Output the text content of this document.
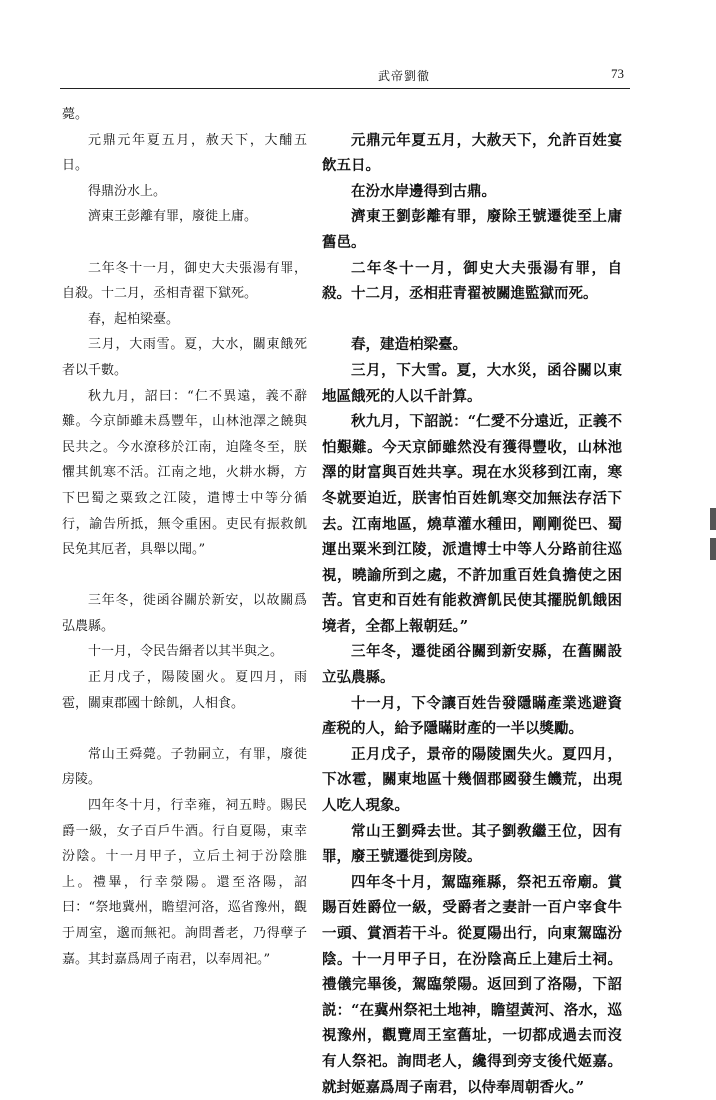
武帝劉徹	73

薨。

元鼎元年夏五月，赦天下，大酺五日。

得鼎汾水上。

濟東王彭離有罪，廢徙上庸。

二年冬十一月，御史大夫張湯有罪，自殺。十二月，丞相青翟下獄死。

春，起柏梁臺。

三月，大雨雪。夏，大水，關東餓死者以千數。

秋九月，詔曰：“仁不異遠，義不辭難。今京師雖未爲豐年，山林池澤之饒與民共之。今水潦移於江南，迫隆冬至，朕懼其飢寒不活。江南之地，火耕水耨，方下巴蜀之粟致之江陵，遣博士中等分循行，諭告所抵，無令重困。吏民有振救飢民免其厄者，具舉以聞。”

三年冬，徙函谷關於新安，以故關爲弘農縣。

十一月，令民告緡者以其半與之。

正月戊子，陽陵園火。夏四月，雨雹，關東郡國十餘飢，人相食。

常山王舜薨。子勃嗣立，有罪，廢徙房陵。

四年冬十月，行幸雍，祠五畤。賜民爵一級，女子百戶牛酒。行自夏陽，東幸汾陰。十一月甲子，立后土祠于汾陰脽上。禮畢，行幸滎陽。還至洛陽，詔曰：“祭地冀州，瞻望河洛，巡省豫州，觀于周室，邈而無祀。詢問耆老，乃得孽子嘉。其封嘉爲周子南君，以奉周祀。”

元鼎元年夏五月，大赦天下，允許百姓宴飲五日。

在汾水岸邊得到古鼎。

濟東王劉彭離有罪，廢除王號遷徙至上庸舊邑。

二年冬十一月，御史大夫張湯有罪，自殺。十二月，丞相莊青翟被關進監獄而死。

春，建造柏梁臺。

三月，下大雪。夏，大水災，函谷關以東地區餓死的人以千計算。

秋九月，下詔説：“仁愛不分遠近，正義不怕艱難。今天京師雖然没有獲得豐收，山林池澤的財富與百姓共享。現在水災移到江南，寒冬就要迫近，朕害怕百姓飢寒交加無法存活下去。江南地區，燒草灌水種田，剛剛從巴、蜀運出粟米到江陵，派遣博士中等人分路前往巡視，曉諭所到之處，不許加重百姓負擔使之困苦。官吏和百姓有能救濟飢民使其擺脱飢餓困境者，全都上報朝廷。”

三年冬，遷徙函谷關到新安縣，在舊關設立弘農縣。

十一月，下令讓百姓告發隱瞞產業逃避資產税的人，給予隱瞞財產的一半以獎勵。

正月戊子，景帝的陽陵園失火。夏四月，下冰雹，關東地區十幾個郡國發生饑荒，出現人吃人現象。

常山王劉舜去世。其子劉敎繼王位，因有罪，廢王號遷徙到房陵。

四年冬十月，駕臨雍縣，祭祀五帝廟。賞賜百姓爵位一級，受爵者之妻計一百户宰食牛一頭、賞酒若干斗。從夏陽出行，向東駕臨汾陰。十一月甲子日，在汾陰高丘上建后土祠。禮儀完畢後，駕臨滎陽。返回到了洛陽，下詔説：“在冀州祭祀土地神，瞻望黃河、洛水，巡視豫州，觀覽周王室舊址，一切都成過去而沒有人祭祀。詢問老人，纔得到旁支後代姬嘉。就封姬嘉爲周子南君，以侍奉周朝香火。”
